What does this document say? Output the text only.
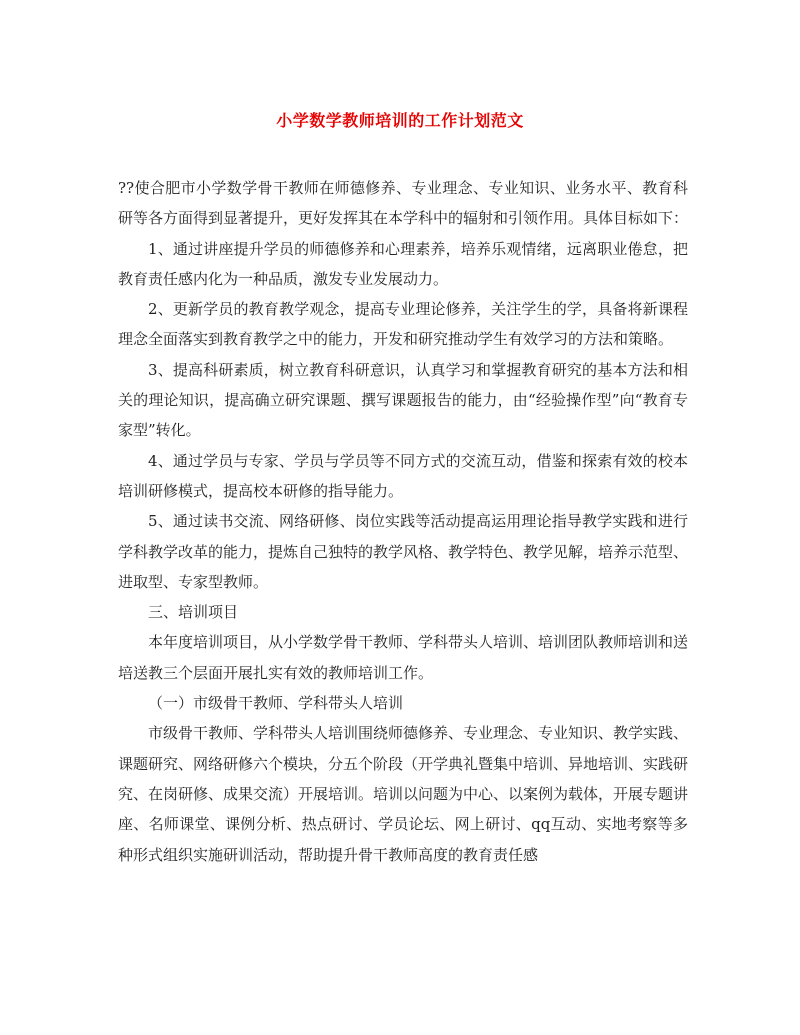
小学数学教师培训的工作计划范文

??使合肥市小学数学骨干教师在师德修养、专业理念、专业知识、业务水平、教育科研等各方面得到显著提升，更好发挥其在本学科中的辐射和引领作用。具体目标如下：

1、通过讲座提升学员的师德修养和心理素养，培养乐观情绪，远离职业倦怠，把教育责任感内化为一种品质，激发专业发展动力。

2、更新学员的教育教学观念，提高专业理论修养，关注学生的学，具备将新课程理念全面落实到教育教学之中的能力，开发和研究推动学生有效学习的方法和策略。

3、提高科研素质，树立教育科研意识，认真学习和掌握教育研究的基本方法和相关的理论知识，提高确立研究课题、撰写课题报告的能力，由“经验操作型”向“教育专家型”转化。

4、通过学员与专家、学员与学员等不同方式的交流互动，借鉴和探索有效的校本培训研修模式，提高校本研修的指导能力。

5、通过读书交流、网络研修、岗位实践等活动提高运用理论指导教学实践和进行学科教学改革的能力，提炼自己独特的教学风格、教学特色、教学见解，培养示范型、进取型、专家型教师。

三、培训项目

本年度培训项目，从小学数学骨干教师、学科带头人培训、培训团队教师培训和送培送教三个层面开展扎实有效的教师培训工作。

（一）市级骨干教师、学科带头人培训

市级骨干教师、学科带头人培训围绕师德修养、专业理念、专业知识、教学实践、课题研究、网络研修六个模块，分五个阶段（开学典礼暨集中培训、异地培训、实践研究、在岗研修、成果交流）开展培训。培训以问题为中心、以案例为载体，开展专题讲座、名师课堂、课例分析、热点研讨、学员论坛、网上研讨、qq互动、实地考察等多种形式组织实施研训活动，帮助提升骨干教师高度的教育责任感
